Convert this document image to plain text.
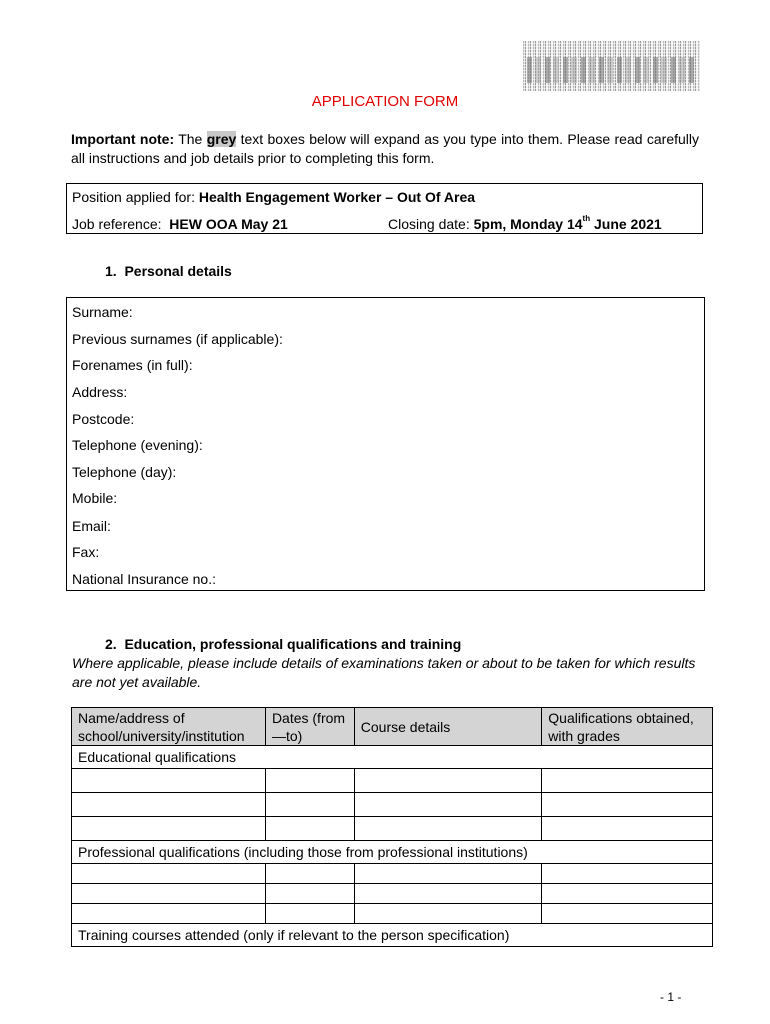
APPLICATION FORM
Important note: The grey text boxes below will expand as you type into them. Please read carefully all instructions and job details prior to completing this form.
Position applied for: Health Engagement Worker – Out Of Area
Job reference:  HEW OOA May 21	Closing date: 5pm, Monday 14th June 2021
1.  Personal details
Surname:
Previous surnames (if applicable):
Forenames (in full):
Address:
Postcode:
Telephone (evening):
Telephone (day):
Mobile:
Email:
Fax:
National Insurance no.:
2.  Education, professional qualifications and training
Where applicable, please include details of examinations taken or about to be taken for which results are not yet available.
Name/address of school/university/institution	Dates (from—to)	Course details	Qualifications obtained, with grades
Educational qualifications			

Professional qualifications (including those from professional institutions)			

Training courses attended (only if relevant to the person specification)			
- 1 -
